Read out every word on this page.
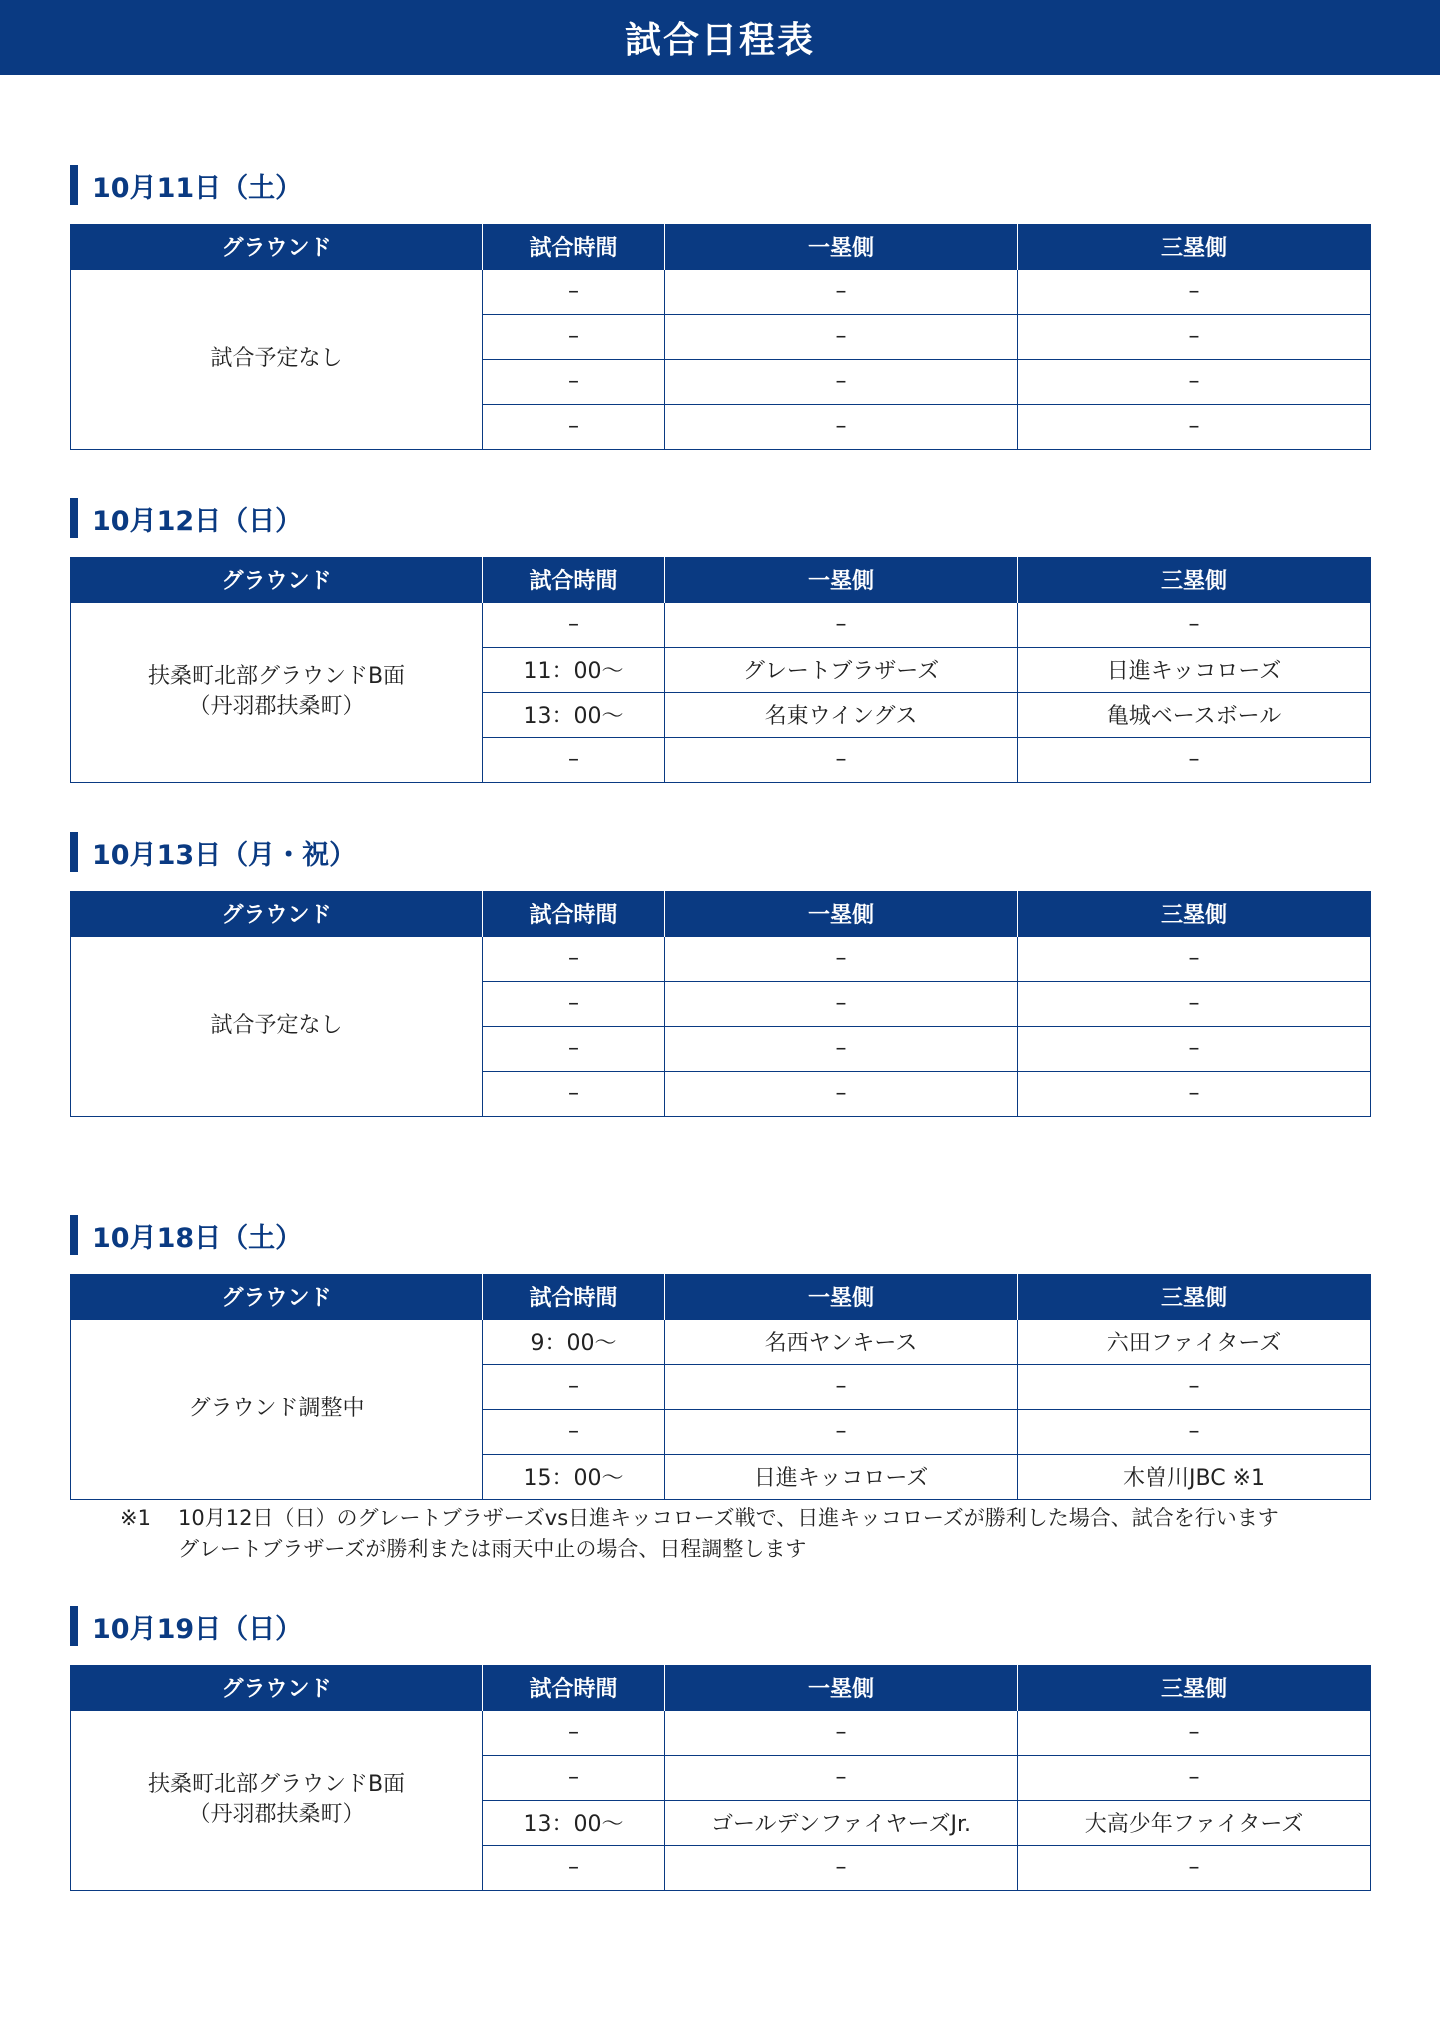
試合日程表
10月11日（土）
グラウンド	試合時間	一塁側	三塁側

試合予定なし	–	–	–
	–	–	–
	–	–	–
	–	–	–
10月12日（日）
グラウンド	試合時間	一塁側	三塁側

扶桑町北部グラウンドB面
（丹羽郡扶桑町）	–	–	–
	11：00〜	グレートブラザーズ	日進キッコローズ
	13：00〜	名東ウイングス	亀城ベースボール
	–	–	–
10月13日（月・祝）
グラウンド	試合時間	一塁側	三塁側

試合予定なし	–	–	–
	–	–	–
	–	–	–
	–	–	–
10月18日（土）
グラウンド	試合時間	一塁側	三塁側

グラウンド調整中	9：00〜	名西ヤンキース	六田ファイターズ
	–	–	–
	–	–	–
	15：00〜	日進キッコローズ	木曽川JBC ※1
10月19日（日）
グラウンド	試合時間	一塁側	三塁側

扶桑町北部グラウンドB面
（丹羽郡扶桑町）	–	–	–
	–	–	–
	13：00〜	ゴールデンファイヤーズJr.	大高少年ファイターズ
	–	–	–
※1 10月12日（日）のグレートブラザーズvs日進キッコローズ戦で、日進キッコローズが勝利した場合、試合を行います
グレートブラザーズが勝利または雨天中止の場合、日程調整します
